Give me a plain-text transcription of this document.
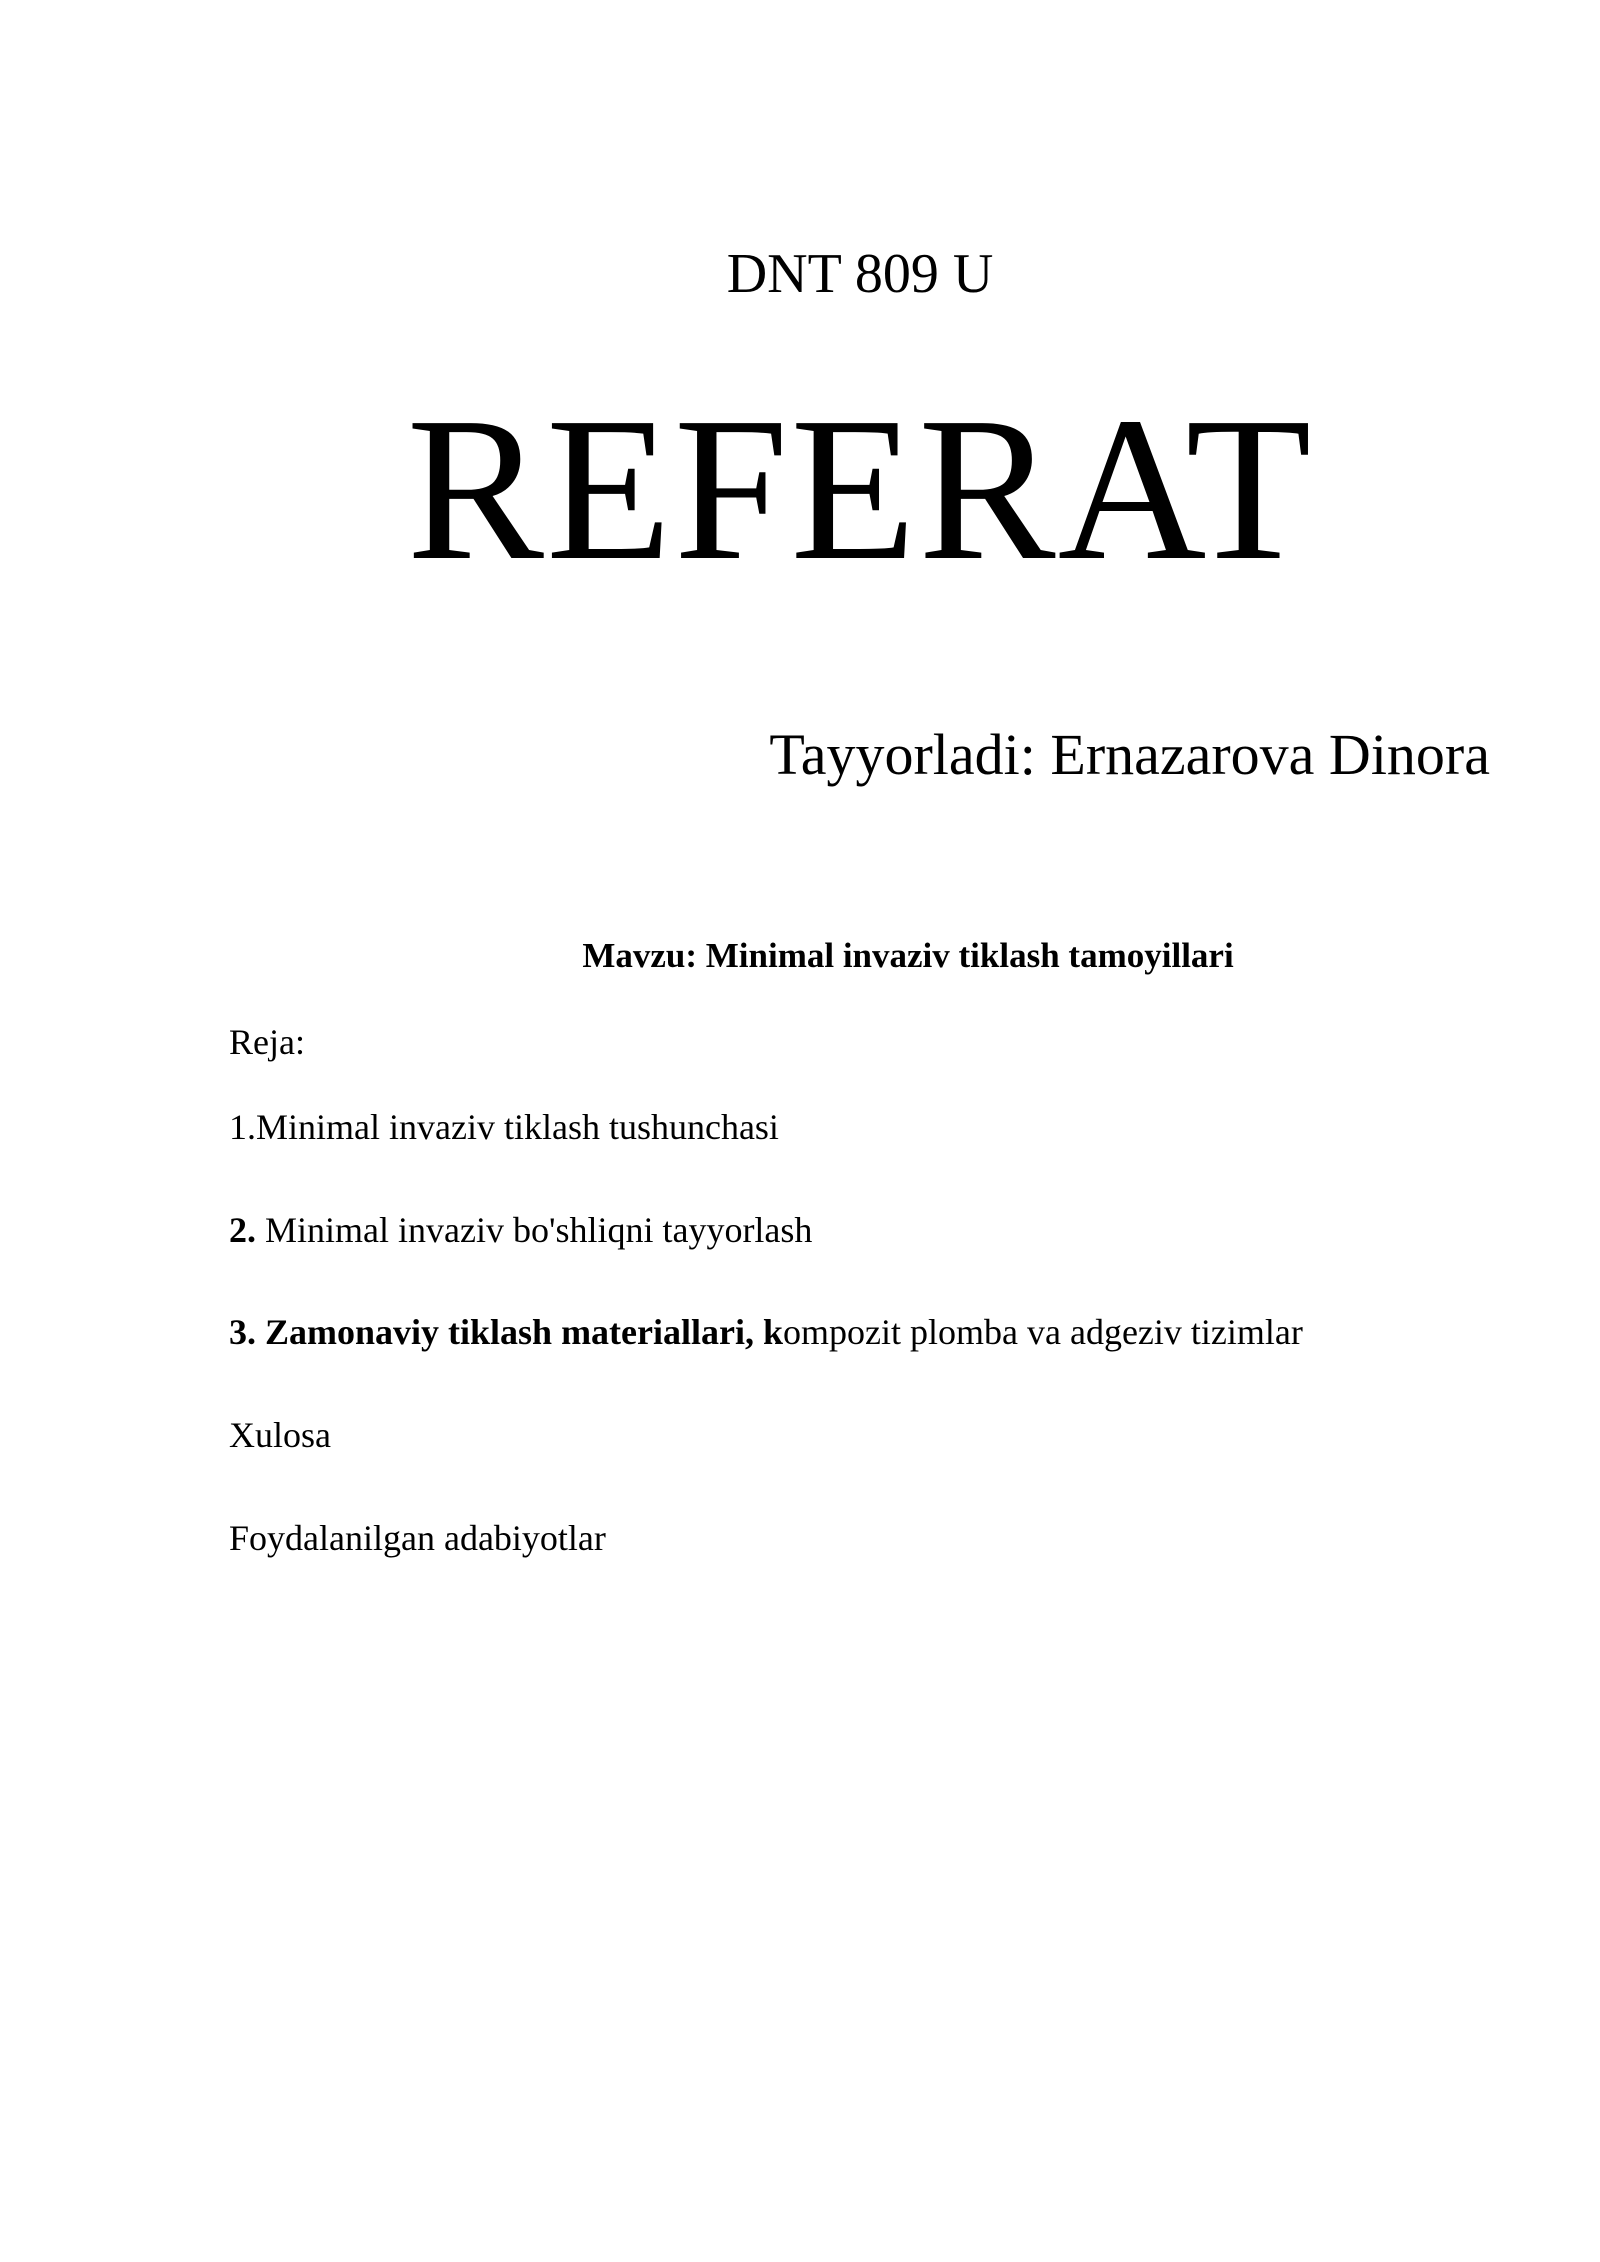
DNT 809 U
REFERAT
Tayyorladi: Ernazarova Dinora
Mavzu: Minimal invaziv tiklash tamoyillari
Reja:
1.Minimal invaziv tiklash tushunchasi
2. Minimal invaziv bo'shliqni tayyorlash
3. Zamonaviy tiklash materiallari, kompozit plomba va adgeziv tizimlar
Xulosa
Foydalanilgan adabiyotlar
